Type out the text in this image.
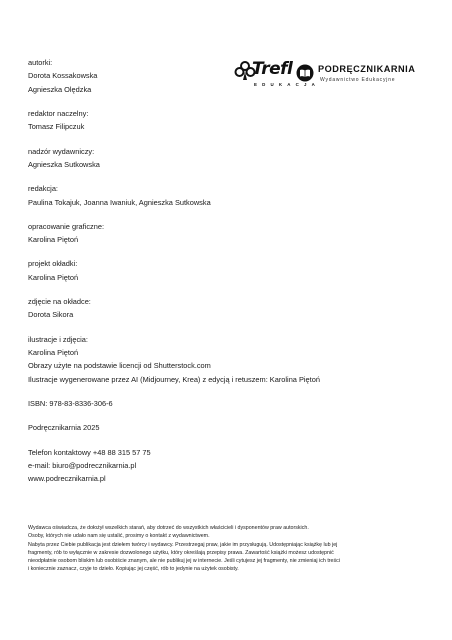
autorki:
Dorota Kossakowska
Agnieszka Olędzka
redaktor naczelny:
Tomasz Filipczuk
nadzór wydawniczy:
Agnieszka Sutkowska
redakcja:
Paulina Tokajuk, Joanna Iwaniuk, Agnieszka Sutkowska
opracowanie graficzne:
Karolina Piętoń
projekt okładki:
Karolina Piętoń
zdjęcie na okładce:
Dorota Sikora
ilustracje i zdjęcia:
Karolina Piętoń
Obrazy użyte na podstawie licencji od Shutterstock.com
Ilustracje wygenerowane przez AI (Midjourney, Krea) z edycją i retuszem: Karolina Piętoń
ISBN: 978-83-8336-306-6
Podręcznikarnia 2025
Telefon kontaktowy +48 88 315 57 75
e-mail: biuro@podrecznikarnia.pl
www.podrecznikarnia.pl
Trefl
EDUKACJA
PODRĘCZNIKARNIA
Wydawnictwo Edukacyjne
Wydawca oświadcza, że dołożył wszelkich starań, aby dotrzeć do wszystkich właścicieli i dysponentów praw autorskich.
Osoby, których nie udało nam się ustalić, prosimy o kontakt z wydawnictwem.
Nabyta przez Ciebie publikacja jest dziełem twórcy i wydawcy. Przestrzegaj praw, jakie im przysługują. Udostępniając książkę lub jej
fragmenty, rób to wyłącznie w zakresie dozwolonego użytku, który określają przepisy prawa. Zawartość książki możesz udostępnić
nieodpłatnie osobom bliskim lub osobiście znanym, ale nie publikuj jej w internecie. Jeśli cytujesz jej fragmenty, nie zmieniaj ich treści
i koniecznie zaznacz, czyje to dzieło. Kopiując jej część, rób to jedynie na użytek osobisty.
